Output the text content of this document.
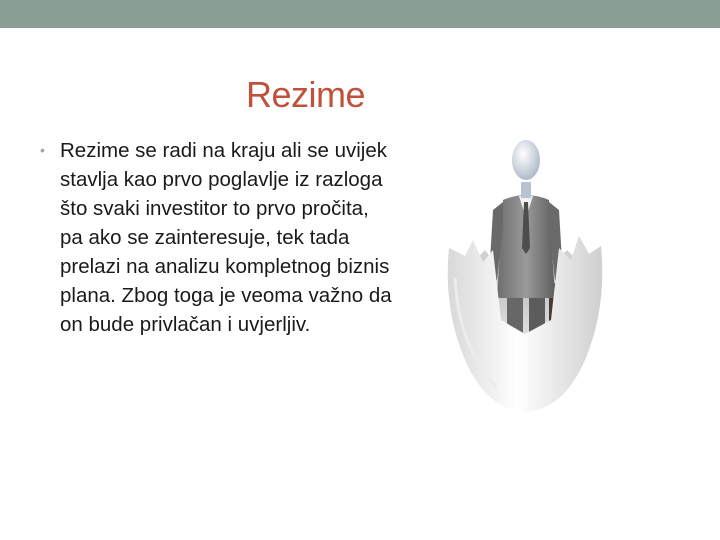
Rezime
• Rezime se radi na kraju ali se uvijek stavlja kao prvo poglavlje iz razloga što svaki investitor to prvo pročita, pa ako se zainteresuje, tek tada prelazi na analizu kompletnog biznis plana. Zbog toga je veoma važno da on bude privlačan i uvjerljiv.
